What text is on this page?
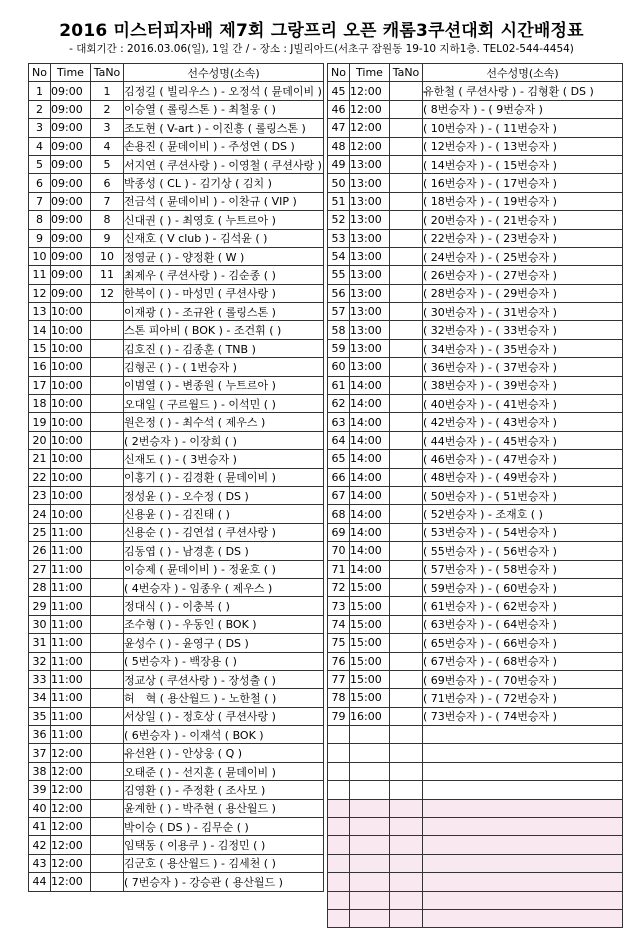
2016 미스터피자배 제7회 그랑프리 오픈 캐롬3쿠션대회 시간배정표
- 대회기간 : 2016.03.06(일), 1일 간 / - 장소 : J빌리아드(서초구 잠원동 19-10 지하1층. TEL02-544-4454)
No	Time	TaNo	선수성명(소속)
1	09:00	1	김정길 ( 빌리우스 ) - 오정석 ( 뮨데이비 )
2	09:00	2	이승열 ( 롤링스톤 ) - 최철웅 ( )
3	09:00	3	조도현 ( V-art ) - 이진흥 ( 롤링스톤 )
4	09:00	4	손용진 ( 뮨데이비 ) - 주성연 ( DS )
5	09:00	5	서지연 ( 쿠션사랑 ) - 이영철 ( 쿠션사랑 )
6	09:00	6	박종성 ( CL ) - 김기상 ( 김치 )
7	09:00	7	전금석 ( 뮨데이비 ) - 이찬규 ( VIP )
8	09:00	8	신대권 ( ) - 최영호 ( 누트르아 )
9	09:00	9	신재호 ( V club ) - 김석윤 ( )
10	09:00	10	정영균 ( ) - 양정환 ( W )
11	09:00	11	최제우 ( 쿠션사랑 ) - 김순종 ( )
12	09:00	12	한복이 ( ) - 마성민 ( 쿠션사랑 )
13	10:00		이재광 ( ) - 조규완 ( 롤링스톤 )
14	10:00		스톤 피아비 ( BOK ) - 조건휘 ( )
15	10:00		김호진 ( ) - 김종훈 ( TNB )
16	10:00		김형곤 ( ) - ( 1번승자 )
17	10:00		이범열 ( ) - 변종원 ( 누트르아 )
18	10:00		오대일 ( 구르월드 ) - 이석민 ( )
19	10:00		원은정 ( ) - 최수석 ( 제우스 )
20	10:00		( 2번승자 ) - 이장희 ( )
21	10:00		신재도 ( ) - ( 3번승자 )
22	10:00		이홍기 ( ) - 김경환 ( 뮨데이비 )
23	10:00		정성윤 ( ) - 오수정 ( DS )
24	10:00		신용윤 ( ) - 김진태 ( )
25	11:00		신용순 ( ) - 김연섭 ( 쿠션사랑 )
26	11:00		김동엽 ( ) - 남경훈 ( DS )
27	11:00		이승제 ( 뮨데이비 ) - 정윤호 ( )
28	11:00		( 4번승자 ) - 임종우 ( 제우스 )
29	11:00		정대식 ( ) - 이충복 ( )
30	11:00		조수형 ( ) - 우동인 ( BOK )
31	11:00		윤성수 ( ) - 윤영구 ( DS )
32	11:00		( 5번승자 ) - 백장용 ( )
33	11:00		정교상 ( 쿠션사랑 ) - 장성출 ( )
34	11:00		허　혁 ( 용산월드 ) - 노한철 ( )
35	11:00		서상일 ( ) - 정호상 ( 쿠션사랑 )
36	11:00		( 6번승자 ) - 이재석 ( BOK )
37	12:00		유선완 ( ) - 안상웅 ( Q )
38	12:00		오태준 ( ) - 선지훈 ( 뮨데이비 )
39	12:00		김영환 ( ) - 주정환 ( 조사모 )
40	12:00		윤계한 ( ) - 박주현 ( 용산월드 )
41	12:00		박이승 ( DS ) - 김무순 ( )
42	12:00		임택동 ( 이용쿠 ) - 김정민 ( )
43	12:00		김군호 ( 용산월드 ) - 김세천 ( )
44	12:00		( 7번승자 ) - 강승관 ( 용산월드 )
No	Time	TaNo	선수성명(소속)
45	12:00		유한철 ( 쿠션사랑 ) - 김형환 ( DS )
46	12:00		( 8번승자 ) - ( 9번승자 )
47	12:00		( 10번승자 ) - ( 11번승자 )
48	12:00		( 12번승자 ) - ( 13번승자 )
49	13:00		( 14번승자 ) - ( 15번승자 )
50	13:00		( 16번승자 ) - ( 17번승자 )
51	13:00		( 18번승자 ) - ( 19번승자 )
52	13:00		( 20번승자 ) - ( 21번승자 )
53	13:00		( 22번승자 ) - ( 23번승자 )
54	13:00		( 24번승자 ) - ( 25번승자 )
55	13:00		( 26번승자 ) - ( 27번승자 )
56	13:00		( 28번승자 ) - ( 29번승자 )
57	13:00		( 30번승자 ) - ( 31번승자 )
58	13:00		( 32번승자 ) - ( 33번승자 )
59	13:00		( 34번승자 ) - ( 35번승자 )
60	13:00		( 36번승자 ) - ( 37번승자 )
61	14:00		( 38번승자 ) - ( 39번승자 )
62	14:00		( 40번승자 ) - ( 41번승자 )
63	14:00		( 42번승자 ) - ( 43번승자 )
64	14:00		( 44번승자 ) - ( 45번승자 )
65	14:00		( 46번승자 ) - ( 47번승자 )
66	14:00		( 48번승자 ) - ( 49번승자 )
67	14:00		( 50번승자 ) - ( 51번승자 )
68	14:00		( 52번승자 ) - 조재호 ( )
69	14:00		( 53번승자 ) - ( 54번승자 )
70	14:00		( 55번승자 ) - ( 56번승자 )
71	14:00		( 57번승자 ) - ( 58번승자 )
72	15:00		( 59번승자 ) - ( 60번승자 )
73	15:00		( 61번승자 ) - ( 62번승자 )
74	15:00		( 63번승자 ) - ( 64번승자 )
75	15:00		( 65번승자 ) - ( 66번승자 )
76	15:00		( 67번승자 ) - ( 68번승자 )
77	15:00		( 69번승자 ) - ( 70번승자 )
78	15:00		( 71번승자 ) - ( 72번승자 )
79	16:00		( 73번승자 ) - ( 74번승자 )
